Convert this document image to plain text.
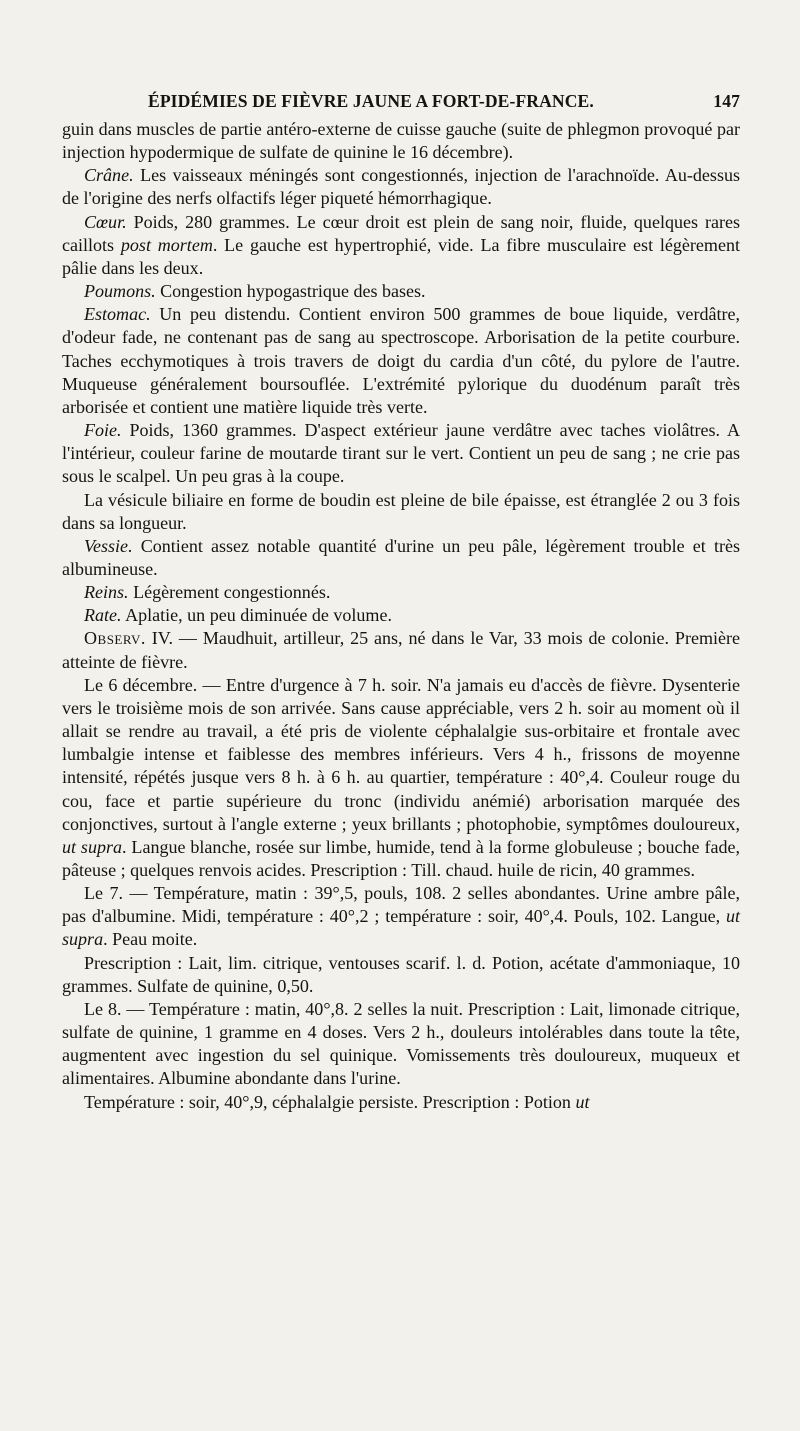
ÉPIDÉMIES DE FIÈVRE JAUNE A FORT-DE-FRANCE.	147

guin dans muscles de partie antéro-externe de cuisse gauche (suite de phlegmon provoqué par injection hypodermique de sulfate de quinine le 16 décembre).

Crâne. Les vaisseaux méningés sont congestionnés, injection de l'arachnoïde. Au-dessus de l'origine des nerfs olfactifs léger piqueté hémorrhagique.

Cœur. Poids, 280 grammes. Le cœur droit est plein de sang noir, fluide, quelques rares caillots post mortem. Le gauche est hypertrophié, vide. La fibre musculaire est légèrement pâlie dans les deux.

Poumons. Congestion hypogastrique des bases.

Estomac. Un peu distendu. Contient environ 500 grammes de boue liquide, verdâtre, d'odeur fade, ne contenant pas de sang au spectroscope. Arborisation de la petite courbure. Taches ecchymotiques à trois travers de doigt du cardia d'un côté, du pylore de l'autre. Muqueuse généralement boursouflée. L'extrémité pylorique du duodénum paraît très arborisée et contient une matière liquide très verte.

Foie. Poids, 1360 grammes. D'aspect extérieur jaune verdâtre avec taches violâtres. A l'intérieur, couleur farine de moutarde tirant sur le vert. Contient un peu de sang ; ne crie pas sous le scalpel. Un peu gras à la coupe.

La vésicule biliaire en forme de boudin est pleine de bile épaisse, est étranglée 2 ou 3 fois dans sa longueur.

Vessie. Contient assez notable quantité d'urine un peu pâle, légèrement trouble et très albumineuse.

Reins. Légèrement congestionnés.

Rate. Aplatie, un peu diminuée de volume.

Observ. IV. — Maudhuit, artilleur, 25 ans, né dans le Var, 33 mois de colonie. Première atteinte de fièvre.

Le 6 décembre. — Entre d'urgence à 7 h. soir. N'a jamais eu d'accès de fièvre. Dysenterie vers le troisième mois de son arrivée. Sans cause appréciable, vers 2 h. soir au moment où il allait se rendre au travail, a été pris de violente céphalalgie sus-orbitaire et frontale avec lumbalgie intense et faiblesse des membres inférieurs. Vers 4 h., frissons de moyenne intensité, répétés jusque vers 8 h. à 6 h. au quartier, température : 40°,4. Couleur rouge du cou, face et partie supérieure du tronc (individu anémié) arborisation marquée des conjonctives, surtout à l'angle externe ; yeux brillants ; photophobie, symptômes douloureux, ut supra. Langue blanche, rosée sur limbe, humide, tend à la forme globuleuse ; bouche fade, pâteuse ; quelques renvois acides. Prescription : Till. chaud. huile de ricin, 40 grammes.

Le 7. — Température, matin : 39°,5, pouls, 108. 2 selles abondantes. Urine ambre pâle, pas d'albumine. Midi, température : 40°,2 ; température : soir, 40°,4. Pouls, 102. Langue, ut supra. Peau moite.

Prescription : Lait, lim. citrique, ventouses scarif. l. d. Potion, acétate d'ammoniaque, 10 grammes. Sulfate de quinine, 0,50.

Le 8. — Température : matin, 40°,8. 2 selles la nuit. Prescription : Lait, limonade citrique, sulfate de quinine, 1 gramme en 4 doses. Vers 2 h., douleurs intolérables dans toute la tête, augmentent avec ingestion du sel quinique. Vomissements très douloureux, muqueux et alimentaires. Albumine abondante dans l'urine.

Température : soir, 40°,9, céphalalgie persiste. Prescription : Potion ut
